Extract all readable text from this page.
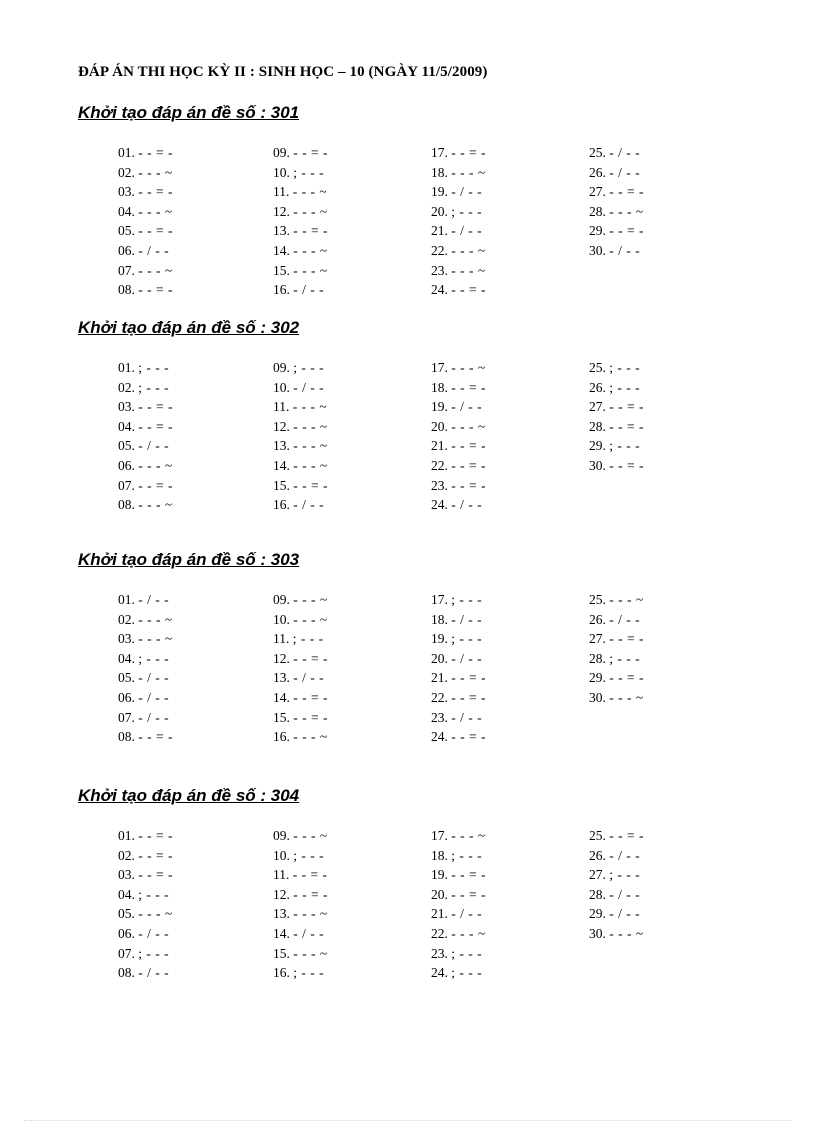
ĐÁP ÁN THI HỌC KỲ II : SINH HỌC – 10 (NGÀY 11/5/2009)
Khởi tạo đáp án đề số : 301
01. - - = -
02. - - - ~
03. - - = -
04. - - - ~
05. - - = -
06. - / - -
07. - - - ~
08. - - = -
09. - - = -
10. ; - - -
11. - - - ~
12. - - - ~
13. - - = -
14. - - - ~
15. - - - ~
16. - / - -
17. - - = -
18. - - - ~
19. - / - -
20. ; - - -
21. - / - -
22. - - - ~
23. - - - ~
24. - - = -
25. - / - -
26. - / - -
27. - - = -
28. - - - ~
29. - - = -
30. - / - -
Khởi tạo đáp án đề số : 302
01. ; - - -
02. ; - - -
03. - - = -
04. - - = -
05. - / - -
06. - - - ~
07. - - = -
08. - - - ~
09. ; - - -
10. - / - -
11. - - - ~
12. - - - ~
13. - - - ~
14. - - - ~
15. - - = -
16. - / - -
17. - - - ~
18. - - = -
19. - / - -
20. - - - ~
21. - - = -
22. - - = -
23. - - = -
24. - / - -
25. ; - - -
26. ; - - -
27. - - = -
28. - - = -
29. ; - - -
30. - - = -
Khởi tạo đáp án đề số : 303
01. - / - -
02. - - - ~
03. - - - ~
04. ; - - -
05. - / - -
06. - / - -
07. - / - -
08. - - = -
09. - - - ~
10. - - - ~
11. ; - - -
12. - - = -
13. - / - -
14. - - = -
15. - - = -
16. - - - ~
17. ; - - -
18. - / - -
19. ; - - -
20. - / - -
21. - - = -
22. - - = -
23. - / - -
24. - - = -
25. - - - ~
26. - / - -
27. - - = -
28. ; - - -
29. - - = -
30. - - - ~
Khởi tạo đáp án đề số : 304
01. - - = -
02. - - = -
03. - - = -
04. ; - - -
05. - - - ~
06. - / - -
07. ; - - -
08. - / - -
09. - - - ~
10. ; - - -
11. - - = -
12. - - = -
13. - - - ~
14. - / - -
15. - - - ~
16. ; - - -
17. - - - ~
18. ; - - -
19. - - = -
20. - - = -
21. - / - -
22. - - - ~
23. ; - - -
24. ; - - -
25. - - = -
26. - / - -
27. ; - - -
28. - / - -
29. - / - -
30. - - - ~
